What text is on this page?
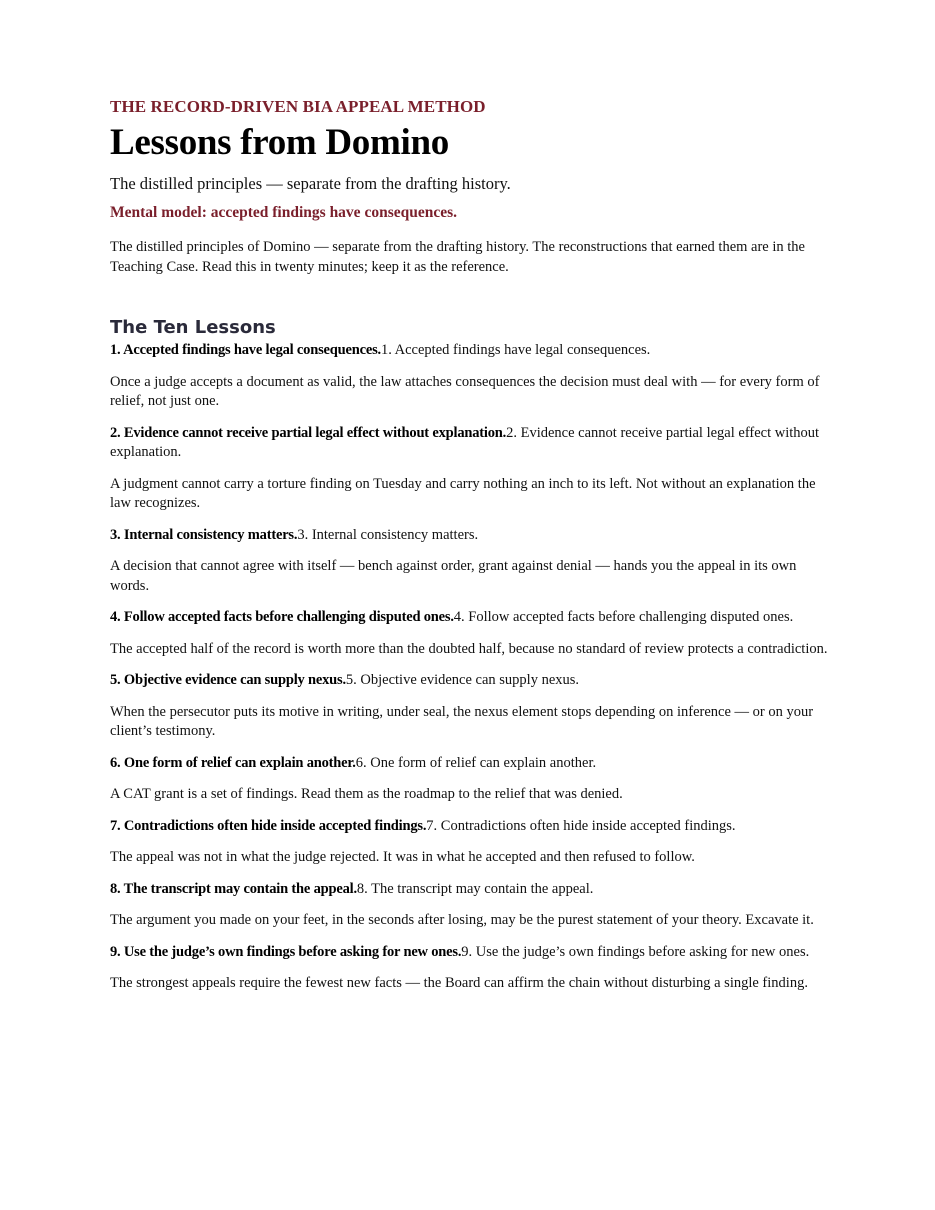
THE RECORD-DRIVEN BIA APPEAL METHOD

Lessons from Domino

The distilled principles — separate from the drafting history.

Mental model: accepted findings have consequences.

The distilled principles of Domino — separate from the drafting history. The reconstructions that earned them are in the Teaching Case. Read this in twenty minutes; keep it as the reference.

The Ten Lessons

1. Accepted findings have legal consequences.1. Accepted findings have legal consequences.

Once a judge accepts a document as valid, the law attaches consequences the decision must deal with — for every form of relief, not just one.

2. Evidence cannot receive partial legal effect without explanation.2. Evidence cannot receive partial legal effect without explanation.

A judgment cannot carry a torture finding on Tuesday and carry nothing an inch to its left. Not without an explanation the law recognizes.

3. Internal consistency matters.3. Internal consistency matters.

A decision that cannot agree with itself — bench against order, grant against denial — hands you the appeal in its own words.

4. Follow accepted facts before challenging disputed ones.4. Follow accepted facts before challenging disputed ones.

The accepted half of the record is worth more than the doubted half, because no standard of review protects a contradiction.

5. Objective evidence can supply nexus.5. Objective evidence can supply nexus.

When the persecutor puts its motive in writing, under seal, the nexus element stops depending on inference — or on your client’s testimony.

6. One form of relief can explain another.6. One form of relief can explain another.

A CAT grant is a set of findings. Read them as the roadmap to the relief that was denied.

7. Contradictions often hide inside accepted findings.7. Contradictions often hide inside accepted findings.

The appeal was not in what the judge rejected. It was in what he accepted and then refused to follow.

8. The transcript may contain the appeal.8. The transcript may contain the appeal.

The argument you made on your feet, in the seconds after losing, may be the purest statement of your theory. Excavate it.

9. Use the judge’s own findings before asking for new ones.9. Use the judge’s own findings before asking for new ones.

The strongest appeals require the fewest new facts — the Board can affirm the chain without disturbing a single finding.
